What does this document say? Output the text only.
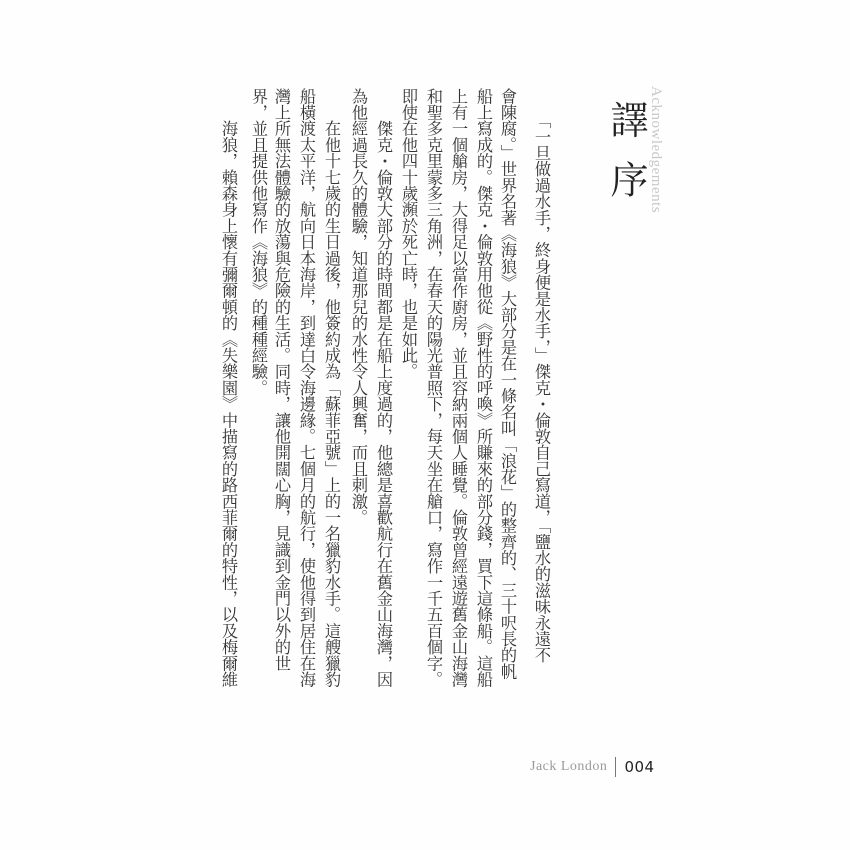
Acknowledgements
譯序
　　「一旦做過水手，終身便是水手，」傑克・倫敦自己寫道，「鹽水的滋味永遠不
會陳腐。」世界名著《海狼》大部分是在一條名叫「浪花」的整齊的、三十呎長的帆
船上寫成的。傑克・倫敦用他從《野性的呼喚》所賺來的部分錢，買下這條船。這船
上有一個艙房，大得足以當作廚房，並且容納兩個人睡覺。倫敦曾經遠遊舊金山海灣
和聖多克里蒙多三角洲，在春天的陽光普照下，每天坐在艙口，寫作一千五百個字。
即使在他四十歲瀕於死亡時，也是如此。
　　傑克・倫敦大部分的時間都是在船上度過的，他總是喜歡航行在舊金山海灣，因
為他經過長久的體驗，知道那兒的水性令人興奮，而且刺激。
　　在他十七歲的生日過後，他簽約成為「蘇菲亞號」上的一名獵豹水手。這艘獵豹
船橫渡太平洋，航向日本海岸，到達白令海邊緣。七個月的航行，使他得到居住在海
灣上所無法體驗的放蕩與危險的生活。同時，讓他開闊心胸，見識到金門以外的世
界，並且提供他寫作《海狼》的種種經驗。
　　海狼，賴森身上懷有彌爾頓的《失樂園》中描寫的路西菲爾的特性，以及梅爾維
Jack London 004
